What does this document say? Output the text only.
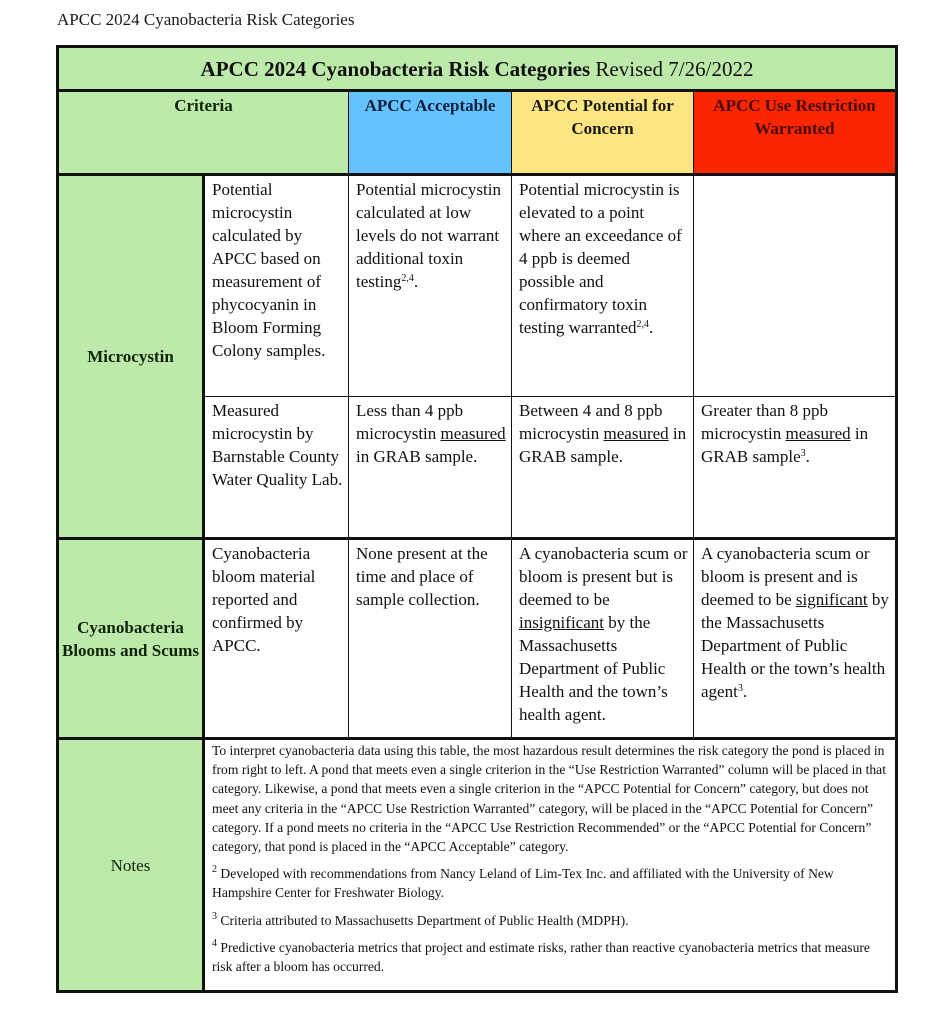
APCC 2024 Cyanobacteria Risk Categories
APCC 2024 Cyanobacteria Risk Categories Revised 7/26/2022				
Criteria		APCC Acceptable	APCC Potential for Concern	APCC Use Restriction Warranted
Microcystin	Potential microcystin calculated by APCC based on measurement of phycocyanin in Bloom Forming Colony samples.	Potential microcystin calculated at low levels do not warrant additional toxin testing$^{2,4}$.	Potential microcystin is elevated to a point where an exceedance of 4 ppb is deemed possible and confirmatory toxin testing warranted$^{2,4}$.	
	Measured microcystin by Barnstable County Water Quality Lab.	Less than 4 ppb microcystin measured in GRAB sample.	Between 4 and 8 ppb microcystin measured in GRAB sample.	Greater than 8 ppb microcystin measured in GRAB sample$^3$.
Cyanobacteria Blooms and Scums	Cyanobacteria bloom material reported and confirmed by APCC.	None present at the time and place of sample collection.	A cyanobacteria scum or bloom is present but is deemed to be insignificant by the Massachusetts Department of Public Health and the town’s health agent.	A cyanobacteria scum or bloom is present and is deemed to be significant by the Massachusetts Department of Public Health or the town’s health agent$^3$.
Notes	To interpret cyanobacteria data using this table, the most hazardous result determines the risk category the pond is placed in from right to left. A pond that meets even a single criterion in the “Use Restriction Warranted” column will be placed in that category. Likewise, a pond that meets even a single criterion in the “APCC Potential for Concern” category, but does not meet any criteria in the “APCC Use Restriction Warranted” category, will be placed in the “APCC Potential for Concern” category. If a pond meets no criteria in the “APCC Use Restriction Recommended” or the “APCC Potential for Concern” category, that pond is placed in the “APCC Acceptable” category.
$^2$ Developed with recommendations from Nancy Leland of Lim-Tex Inc. and affiliated with the University of New Hampshire Center for Freshwater Biology.
$^3$ Criteria attributed to Massachusetts Department of Public Health (MDPH).
$^4$ Predictive cyanobacteria metrics that project and estimate risks, rather than reactive cyanobacteria metrics that measure risk after a bloom has occurred.			
